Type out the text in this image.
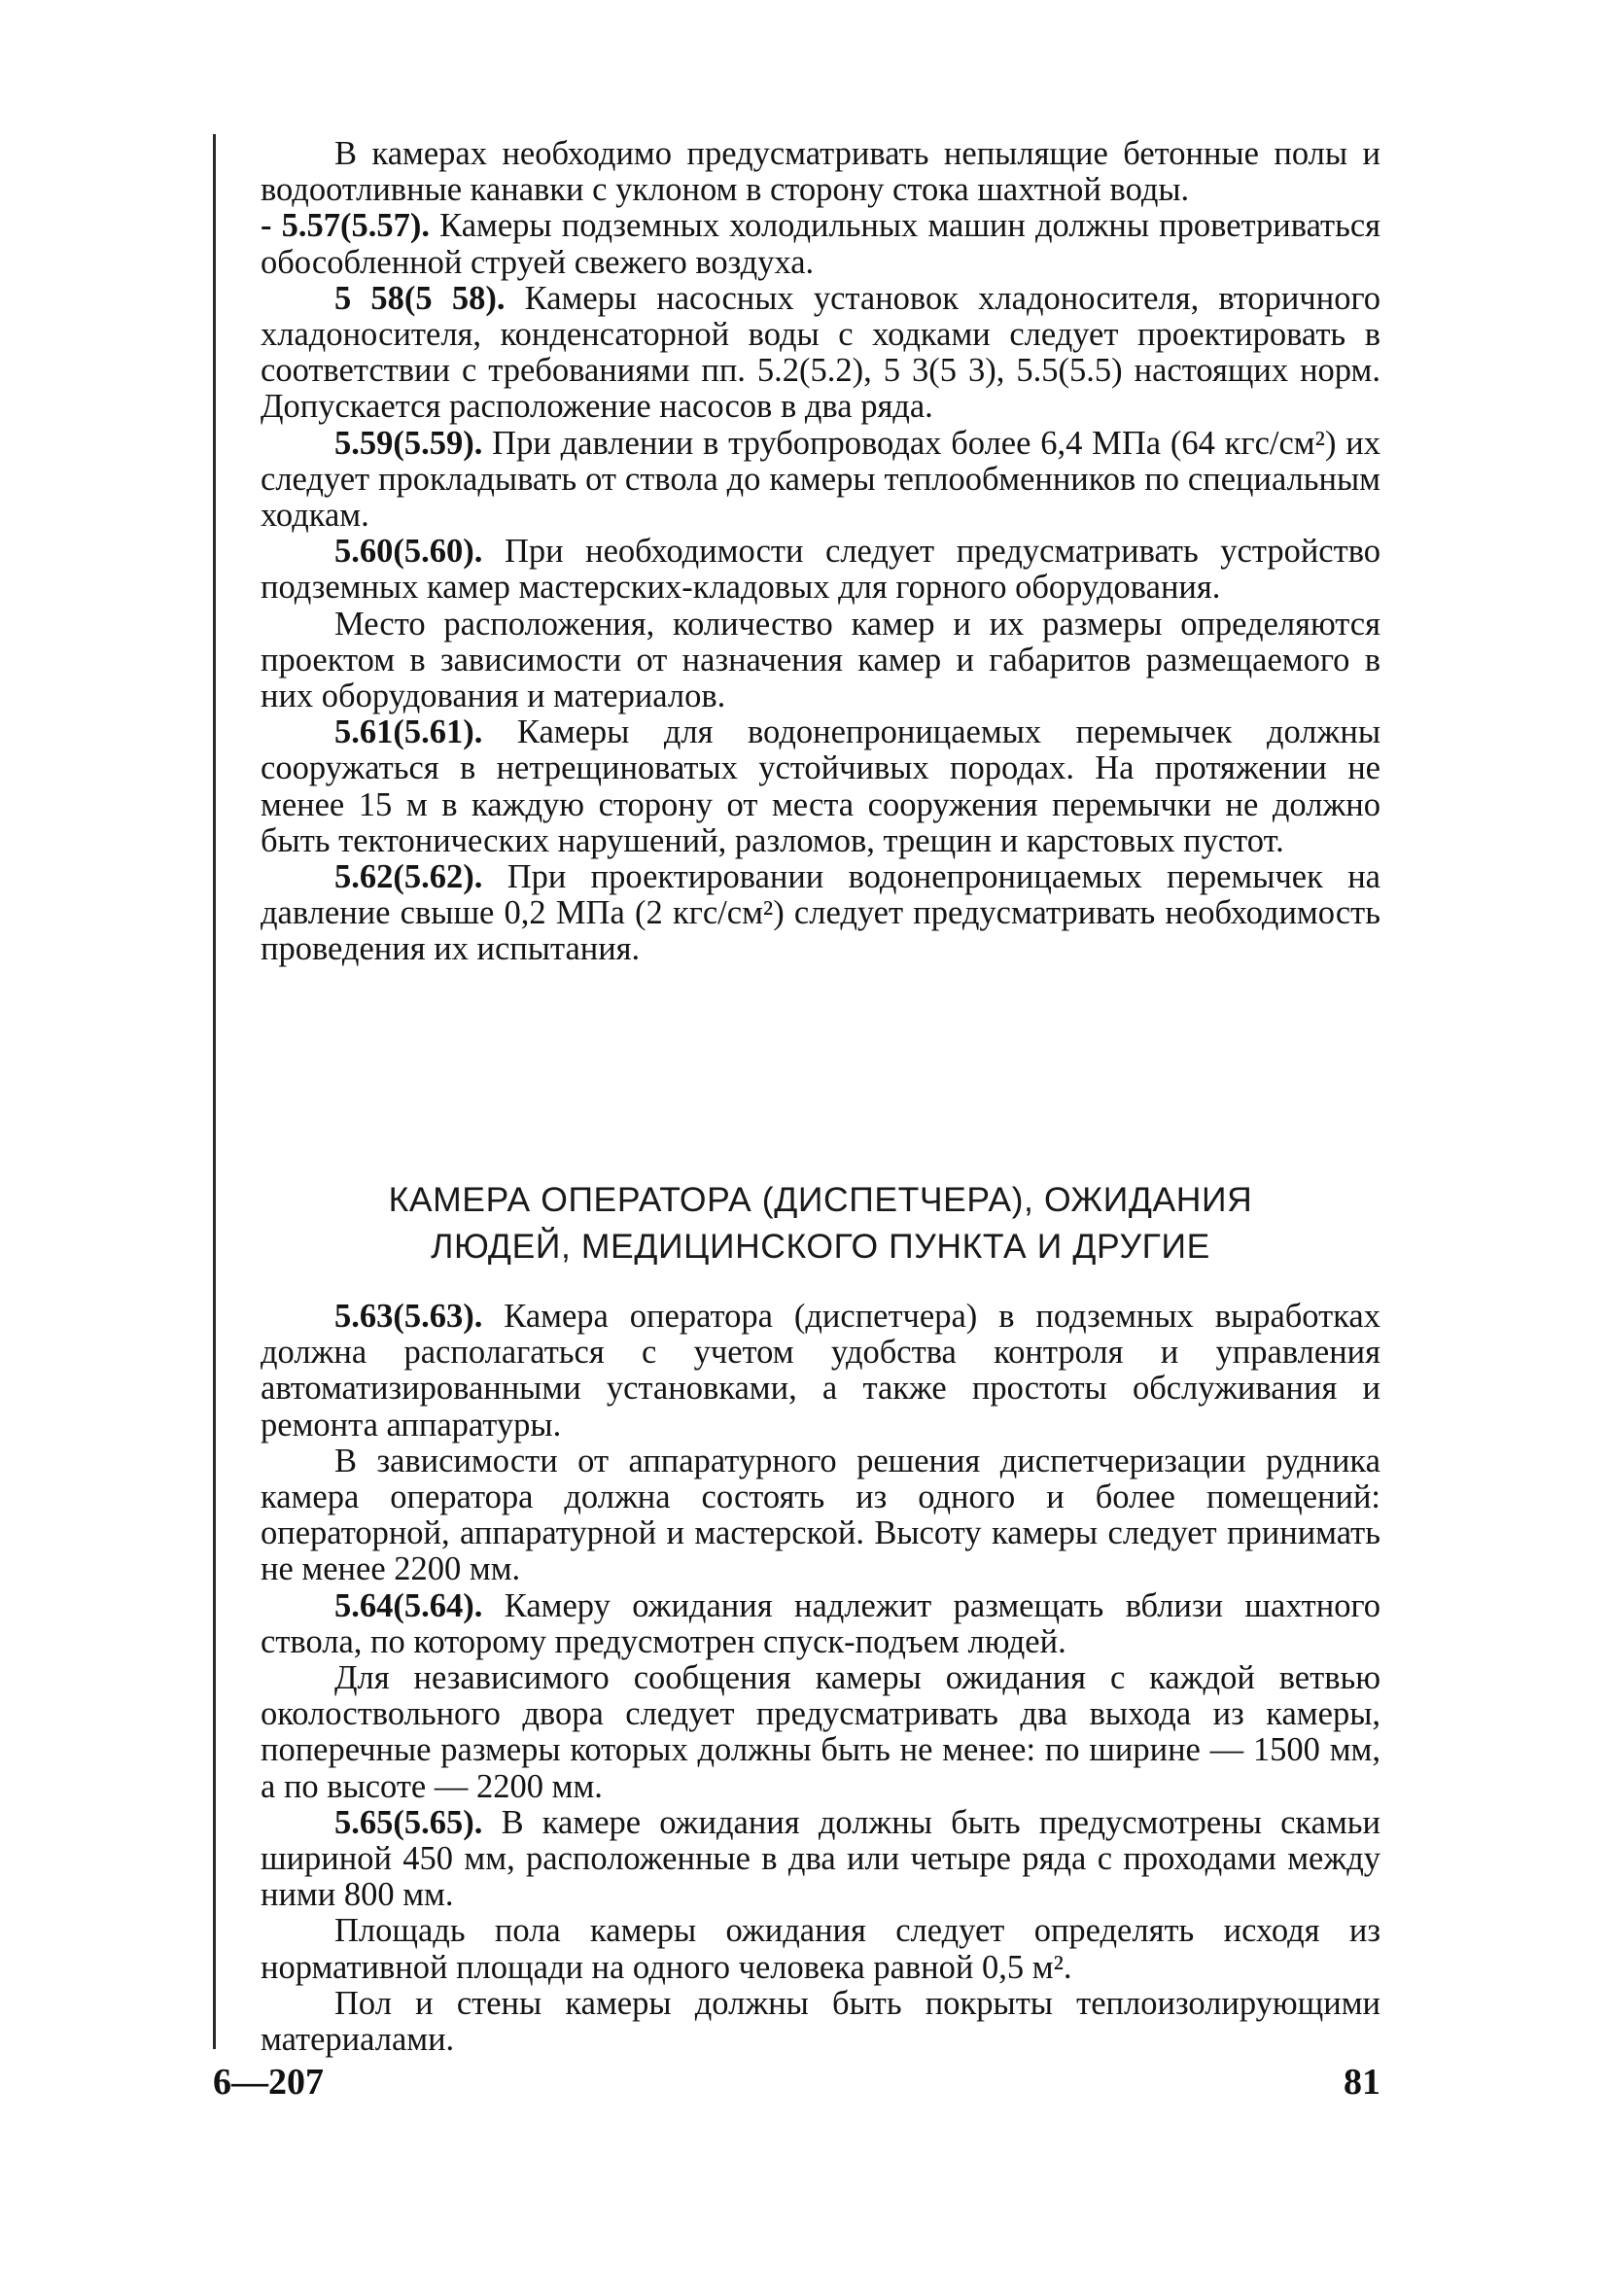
В камерах необходимо предусматривать непылящие бетонные полы и водоотливные канавки с уклоном в сторону стока шахтной воды.

- 5.57(5.57). Камеры подземных холодильных машин должны проветриваться обособленной струей свежего воздуха.

5 58(5 58). Камеры насосных установок хладоносителя, вторичного хладоносителя, конденсаторной воды с ходками следует проектировать в соответствии с требованиями пп. 5.2(5.2), 5 3(5 3), 5.5(5.5) настоящих норм. Допускается расположение насосов в два ряда.

5.59(5.59). При давлении в трубопроводах более 6,4 МПа (64 кгс/см²) их следует прокладывать от ствола до камеры теплообменников по специальным ходкам.

5.60(5.60). При необходимости следует предусматривать устройство подземных камер мастерских-кладовых для горного оборудования.

Место расположения, количество камер и их размеры определяются проектом в зависимости от назначения камер и габаритов размещаемого в них оборудования и материалов.

5.61(5.61). Камеры для водонепроницаемых перемычек должны сооружаться в нетрещиноватых устойчивых породах. На протяжении не менее 15 м в каждую сторону от места сооружения перемычки не должно быть тектонических нарушений, разломов, трещин и карстовых пустот.

5.62(5.62). При проектировании водонепроницаемых перемычек на давление свыше 0,2 МПа (2 кгс/см²) следует предусматривать необходимость проведения их испытания.

КАМЕРА ОПЕРАТОРА (ДИСПЕТЧЕРА), ОЖИДАНИЯ
ЛЮДЕЙ, МЕДИЦИНСКОГО ПУНКТА И ДРУГИЕ

5.63(5.63). Камера оператора (диспетчера) в подземных выработках должна располагаться с учетом удобства контроля и управления автоматизированными установками, а также простоты обслуживания и ремонта аппаратуры.

В зависимости от аппаратурного решения диспетчеризации рудника камера оператора должна состоять из одного и более помещений: операторной, аппаратурной и мастерской. Высоту камеры следует принимать не менее 2200 мм.

5.64(5.64). Камеру ожидания надлежит размещать вблизи шахтного ствола, по которому предусмотрен спуск-подъем людей.

Для независимого сообщения камеры ожидания с каждой ветвью околоствольного двора следует предусматривать два выхода из камеры, поперечные размеры которых должны быть не менее: по ширине — 1500 мм, а по высоте — 2200 мм.

5.65(5.65). В камере ожидания должны быть предусмотрены скамьи шириной 450 мм, расположенные в два или четыре ряда с проходами между ними 800 мм.

Площадь пола камеры ожидания следует определять исходя из нормативной площади на одного человека равной 0,5 м².

Пол и стены камеры должны быть покрыты теплоизолирующими материалами.

6—207	81
